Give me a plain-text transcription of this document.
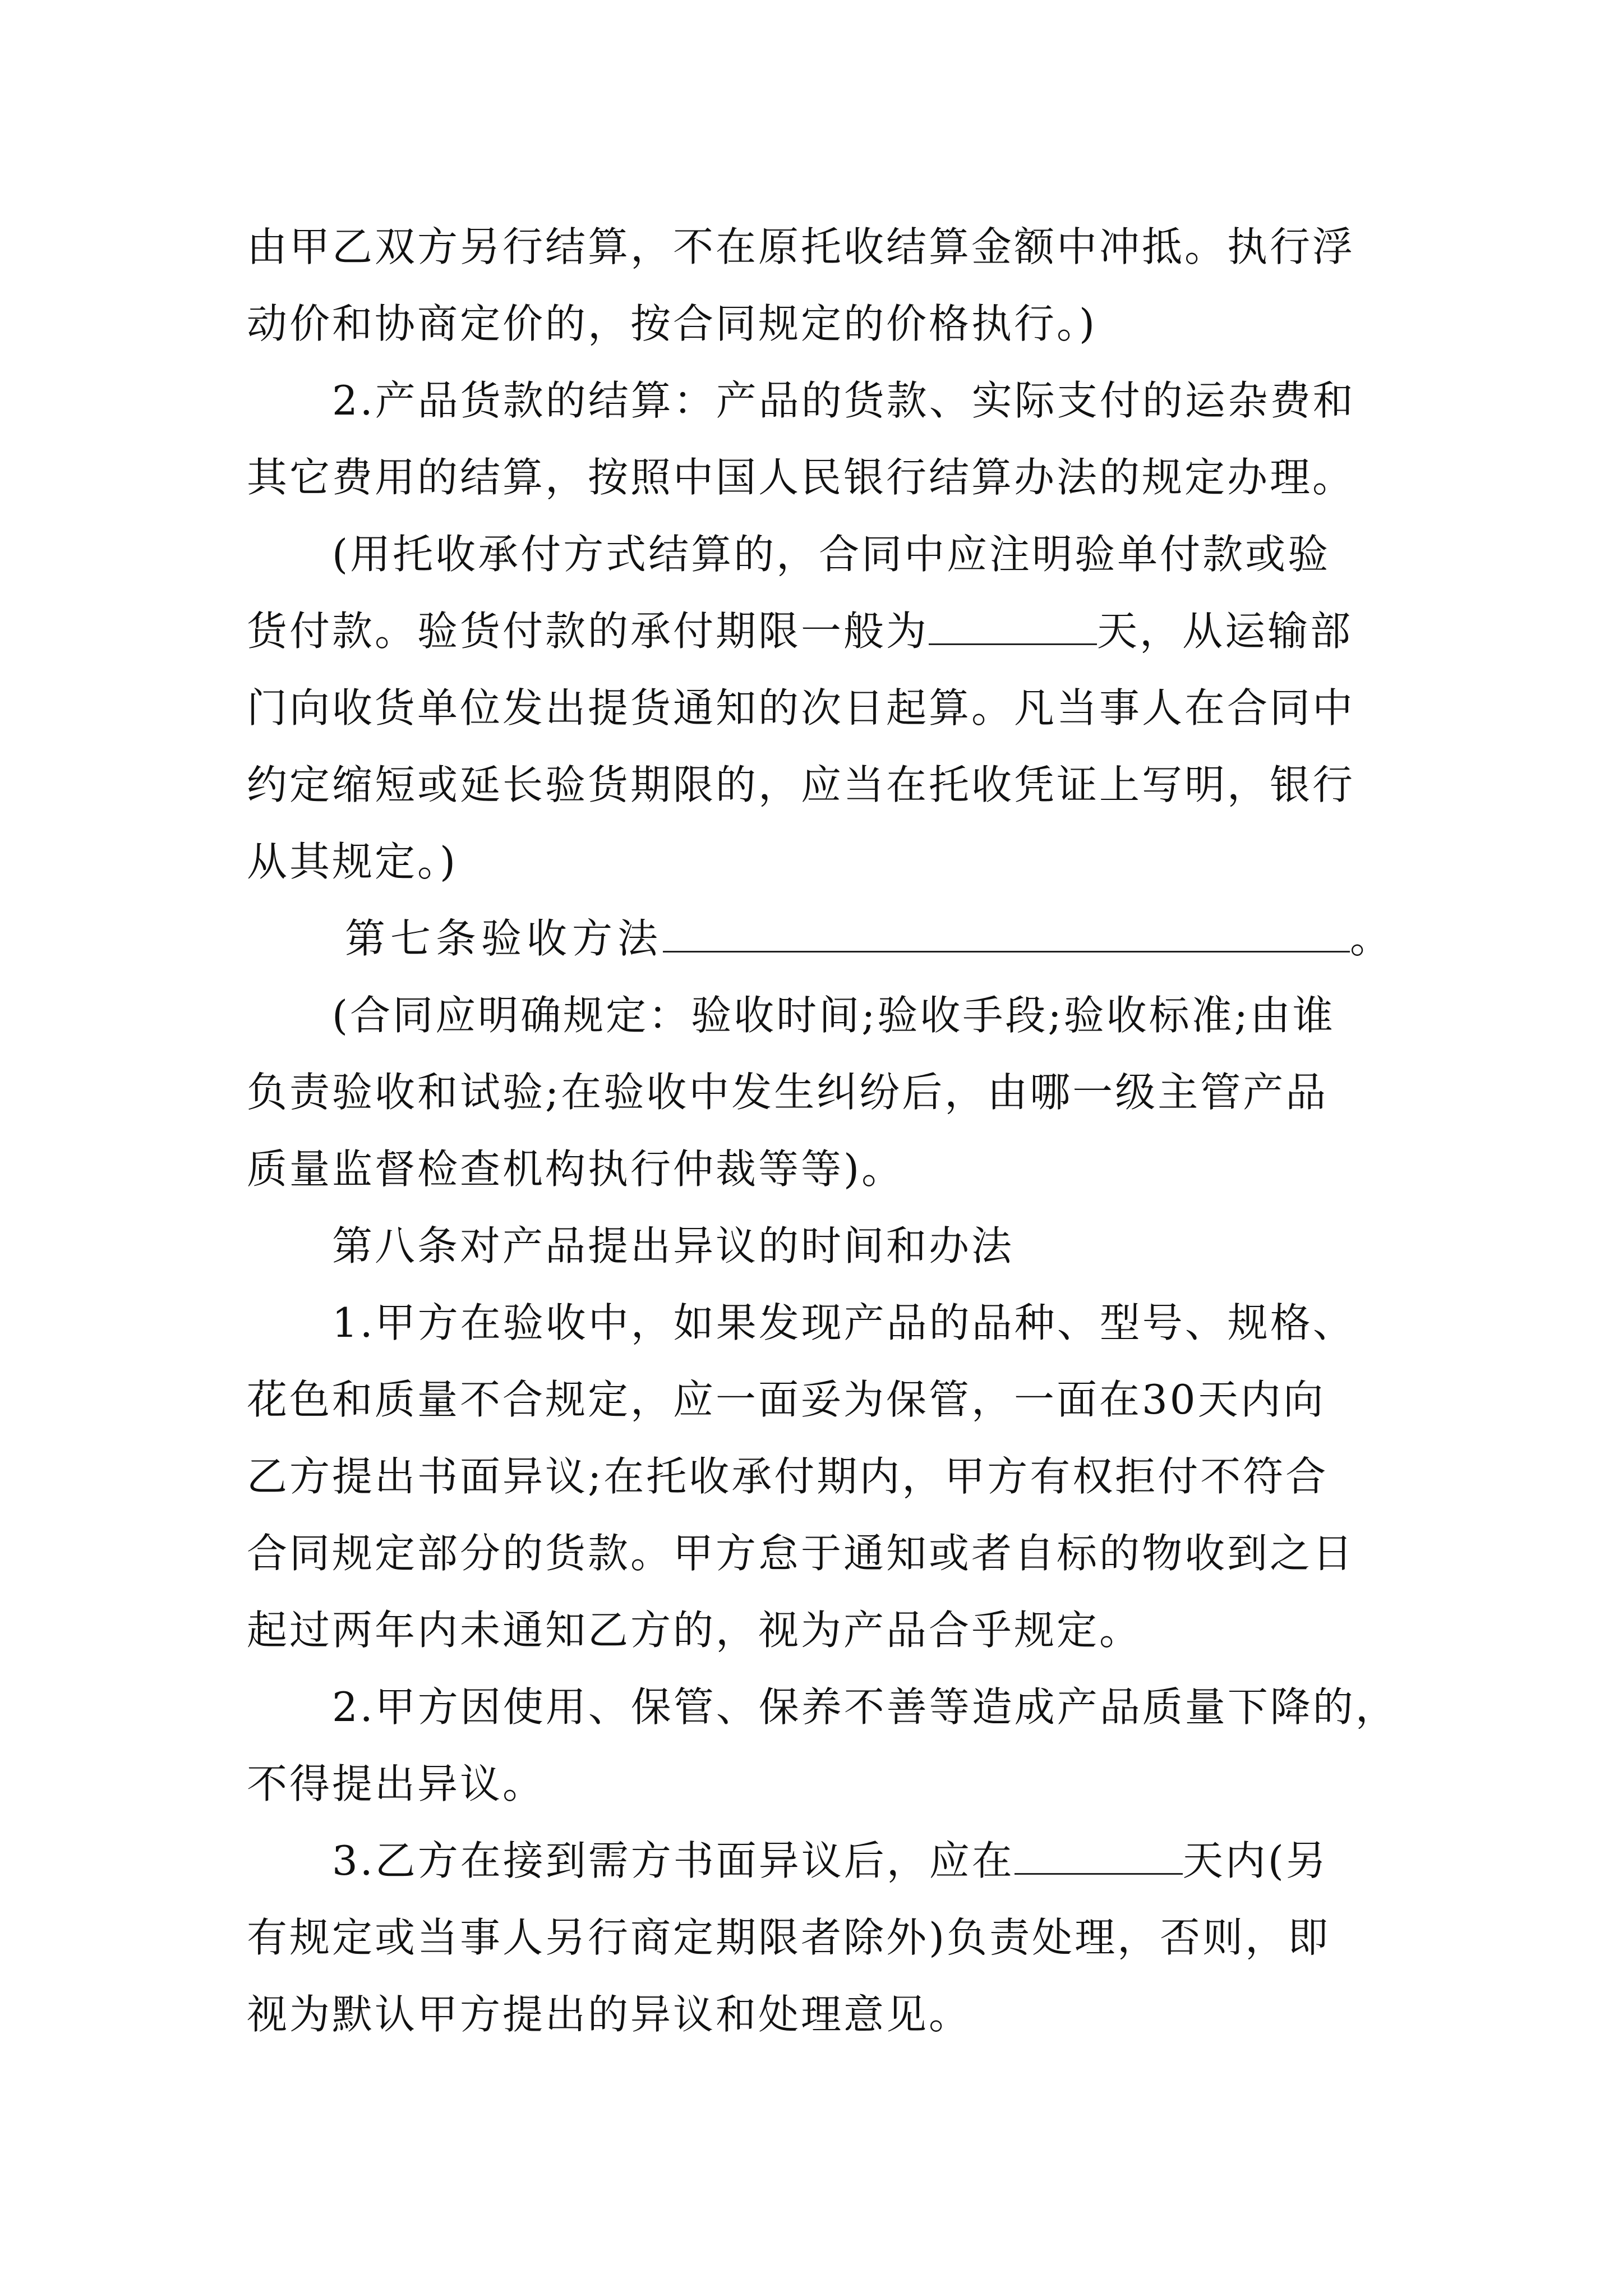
由甲乙双方另行结算，不在原托收结算金额中冲抵。执行浮
动价和协商定价的，按合同规定的价格执行。)
2.产品货款的结算：产品的货款、实际支付的运杂费和
其它费用的结算，按照中国人民银行结算办法的规定办理。
(用托收承付方式结算的，合同中应注明验单付款或验
货付款。验货付款的承付期限一般为	天，从运输部
门向收货单位发出提货通知的次日起算。凡当事人在合同中
约定缩短或延长验货期限的，应当在托收凭证上写明，银行
从其规定。)
第七条验收方法	。
(合同应明确规定：验收时间;验收手段;验收标准;由谁
负责验收和试验;在验收中发生纠纷后，由哪一级主管产品
质量监督检查机构执行仲裁等等)。
第八条对产品提出异议的时间和办法
1.甲方在验收中，如果发现产品的品种、型号、规格、
花色和质量不合规定，应一面妥为保管，一面在30天内向
乙方提出书面异议;在托收承付期内，甲方有权拒付不符合
合同规定部分的货款。甲方怠于通知或者自标的物收到之日
起过两年内未通知乙方的，视为产品合乎规定。
2.甲方因使用、保管、保养不善等造成产品质量下降的，
不得提出异议。
3.乙方在接到需方书面异议后，应在	天内(另
有规定或当事人另行商定期限者除外)负责处理，否则，即
视为默认甲方提出的异议和处理意见。
